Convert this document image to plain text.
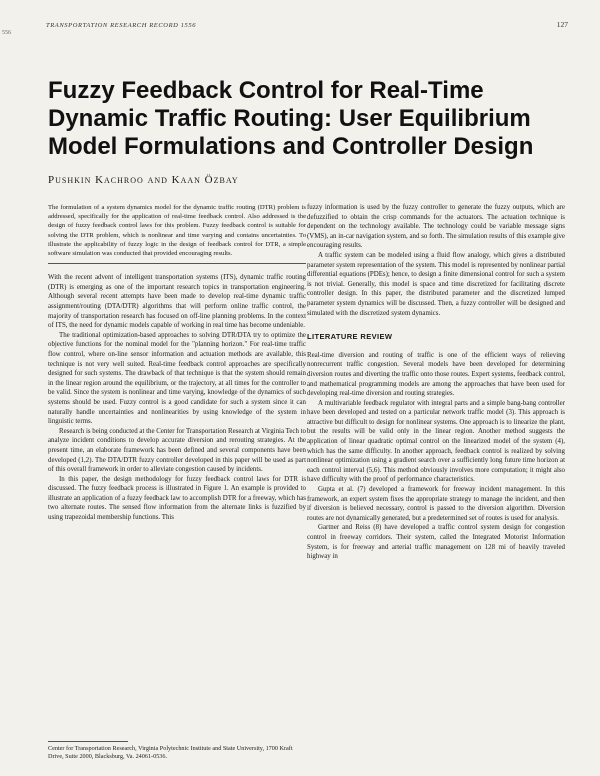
556
TRANSPORTATION RESEARCH RECORD 1556	127
Fuzzy Feedback Control for Real-Time Dynamic Traffic Routing: User Equilibrium Model Formulations and Controller Design
Pushkin Kachroo and Kaan Özbay

The formulation of a system dynamics model for the dynamic traffic routing (DTR) problem is addressed, specifically for the application of real-time feedback control. Also addressed is the design of fuzzy feedback control laws for this problem. Fuzzy feedback control is suitable for solving the DTR problem, which is nonlinear and time varying and contains uncertainties. To illustrate the applicability of fuzzy logic in the design of feedback control for DTR, a simple software simulation was conducted that provided encouraging results.

With the recent advent of intelligent transportation systems (ITS), dynamic traffic routing (DTR) is emerging as one of the important research topics in transportation engineering. Although several recent attempts have been made to develop real-time dynamic traffic assignment/routing (DTA/DTR) algorithms that will perform online traffic control, the majority of transportation research has focused on off-line planning problems. In the context of ITS, the need for dynamic models capable of working in real time has become undeniable.

The traditional optimization-based approaches to solving DTR/DTA try to optimize the objective functions for the nominal model for the "planning horizon." For real-time traffic flow control, where on-line sensor information and actuation methods are available, this technique is not very well suited. Real-time feedback control approaches are specifically designed for such systems. The drawback of that technique is that the system should remain in the linear region around the equilibrium, or the trajectory, at all times for the controller to be valid. Since the system is nonlinear and time varying, knowledge of the dynamics of such systems should be used. Fuzzy control is a good candidate for such a system since it can naturally handle uncertainties and nonlinearities by using knowledge of the system in linguistic terms.

Research is being conducted at the Center for Transportation Research at Virginia Tech to analyze incident conditions to develop accurate diversion and rerouting strategies. At the present time, an elaborate framework has been defined and several components have been developed (1,2). The DTA/DTR fuzzy controller developed in this paper will be used as part of this overall framework in order to alleviate congestion caused by incidents.

In this paper, the design methodology for fuzzy feedback control laws for DTR is discussed. The fuzzy feedback process is illustrated in Figure 1. An example is provided to illustrate an application of a fuzzy feedback law to accomplish DTR for a freeway, which has two alternate routes. The sensed flow information from the alternate links is fuzzified by using trapezoidal membership functions. This

fuzzy information is used by the fuzzy controller to generate the fuzzy outputs, which are defuzzified to obtain the crisp commands for the actuators. The actuation technique is dependent on the technology available. The technology could be variable message signs (VMS), an in-car navigation system, and so forth. The simulation results of this example give encouraging results.

A traffic system can be modeled using a fluid flow analogy, which gives a distributed parameter system representation of the system. This model is represented by nonlinear partial differential equations (PDEs); hence, to design a finite dimensional control for such a system is not trivial. Generally, this model is space and time discretized for facilitating discrete controller design. In this paper, the distributed parameter and the discretized lumped parameter system dynamics will be discussed. Then, a fuzzy controller will be designed and simulated with the discretized system dynamics.

LITERATURE REVIEW

Real-time diversion and routing of traffic is one of the efficient ways of relieving nonrecurrent traffic congestion. Several models have been developed for determining diversion routes and diverting the traffic onto those routes. Expert systems, feedback control, and mathematical programming models are among the approaches that have been used for developing real-time diversion and routing strategies.

A multivariable feedback regulator with integral parts and a simple bang-bang controller have been developed and tested on a particular network traffic model (3). This approach is attractive but difficult to design for nonlinear systems. One approach is to linearize the plant, but the results will be valid only in the linear region. Another method suggests the application of linear quadratic optimal control on the linearized model of the system (4), which has the same difficulty. In another approach, feedback control is realized by solving nonlinear optimization using a gradient search over a sufficiently long future time horizon at each control interval (5,6). This method obviously involves more computation; it might also have difficulty with the proof of performance characteristics.

Gupta et al. (7) developed a framework for freeway incident management. In this framework, an expert system fixes the appropriate strategy to manage the incident, and then if diversion is believed necessary, control is passed to the diversion algorithm. Diversion routes are not dynamically generated, but a predetermined set of routes is used for analysis.

Gartner and Reiss (8) have developed a traffic control system design for congestion control in freeway corridors. Their system, called the Integrated Motorist Information System, is for freeway and arterial traffic management on 128 mi of heavily traveled highway in

Center for Transportation Research, Virginia Polytechnic Institute and State University, 1700 Kraft Drive, Suite 2000, Blacksburg, Va. 24061-0536.
